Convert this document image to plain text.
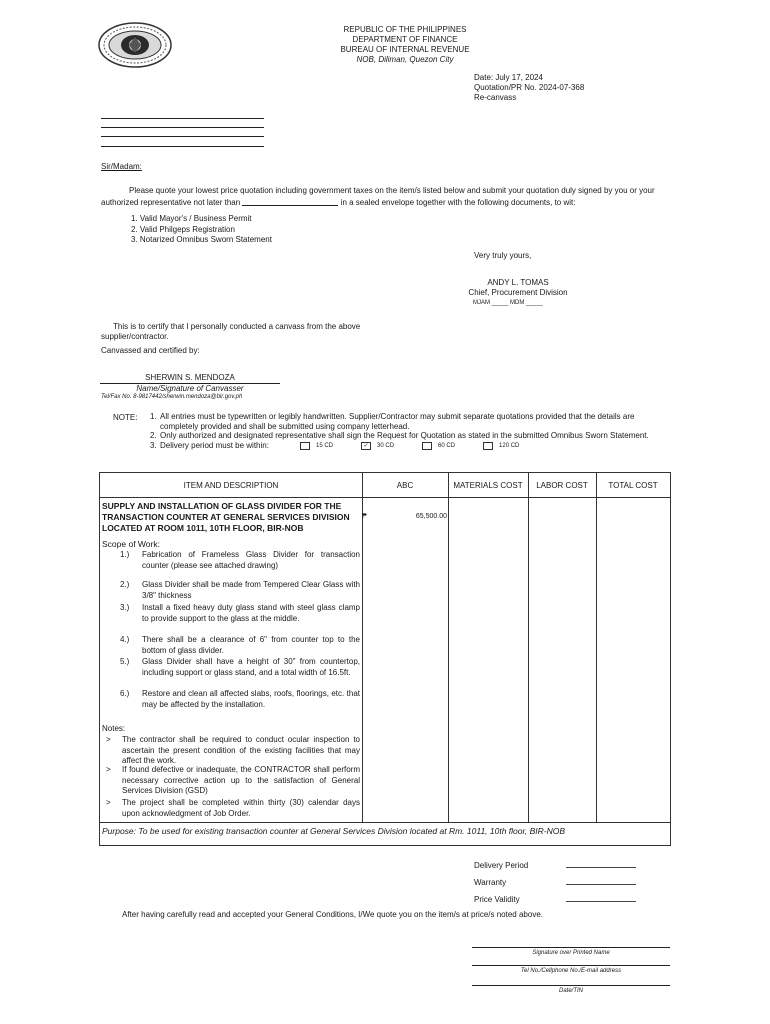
REPUBLIC OF THE PHILIPPINES
DEPARTMENT OF FINANCE
BUREAU OF INTERNAL REVENUE
NOB, Diliman, Quezon City
Date: July 17, 2024
Quotation/PR No. 2024-07-368
Re-canvass
Sir/Madam:
Please quote your lowest price quotation including government taxes on the item/s listed below and submit your quotation duly signed by you or your authorized representative not later than	in a sealed envelope together with the following documents, to wit:
1. Valid Mayor's / Business Permit
2. Valid Philgeps Registration
3. Notarized Omnibus Sworn Statement
Very truly yours,
ANDY L. TOMAS
Chief, Procurement Division
MJAM _____ MDM _____
This is to certify that I personally conducted a canvass from the above supplier/contractor.
Canvassed and certified by:
SHERWIN S. MENDOZA
Name/Signature of Canvasser
Tel/Fax No. 8-9817442/sherwin.mendoza@bir.gov.ph
NOTE: 1. All entries must be typewritten or legibly handwritten. Supplier/Contractor may submit separate quotations provided that the details are completely provided and shall be submitted using company letterhead.
2. Only authorized and designated representative shall sign the Request for Quotation as stated in the submitted Omnibus Sworn Statement.
3. Delivery period must be within:	15 CD	✓	30 CD	60 CD	120 CD
ITEM AND DESCRIPTION	ABC	MATERIALS COST	LABOR COST	TOTAL COST
SUPPLY AND INSTALLATION OF GLASS DIVIDER FOR THE TRANSACTION COUNTER AT GENERAL SERVICES DIVISION LOCATED AT ROOM 1011, 10TH FLOOR, BIR-NOB
₱	65,500.00
Scope of Work:
1.)	Fabrication of Frameless Glass Divider for transaction counter (please see attached drawing)
2.)	Glass Divider shall be made from Tempered Clear Glass with 3/8" thickness
3.)	Install a fixed heavy duty glass stand with steel glass clamp to provide support to the glass at the middle.
4.)	There shall be a clearance of 6" from counter top to the bottom of glass divider.
5.)	Glass Divider shall have a height of 30" from countertop, including support or glass stand, and a total width of 16.5ft.
6.)	Restore and clean all affected slabs, roofs, floorings, etc. that may be affected by the installation.
Notes:
>	The contractor shall be required to conduct ocular inspection to ascertain the present condition of the existing facilities that may affect the work.
>	If found defective or inadequate, the CONTRACTOR shall perform necessary corrective action up to the satisfaction of General Services Division (GSD)
>	The project shall be completed within thirty (30) calendar days upon acknowledgment of Job Order.
Purpose: To be used for existing transaction counter at General Services Division located at Rm. 1011, 10th floor, BIR-NOB
Delivery Period
Warranty
Price Validity
After having carefully read and accepted your General Conditions, I/We quote you on the item/s at price/s noted above.
Signature over Printed Name
Tel No./Cellphone No./E-mail address
Date/TIN
